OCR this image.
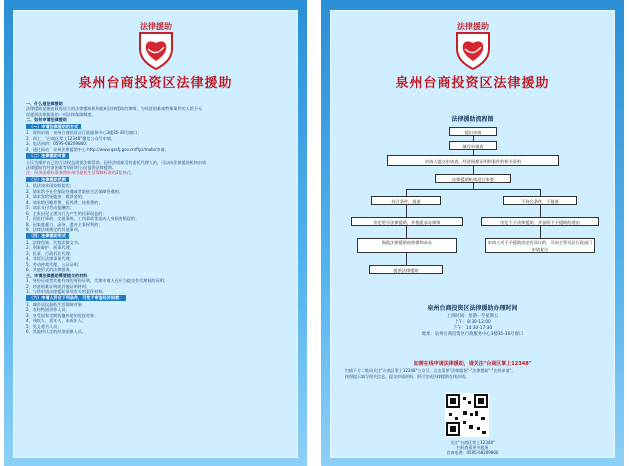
法律援助
泉州台商投资区法律援助

一、什么是法律援助

法律援助是指由政府设立的法律援助机构组织法律援助的律师，为经济困难或特殊案件的人给予无

偿提供法律服务的一项法律保障制度。

二、如何申请法律援助

（一）申请法律援助的方式

1、现场申请：泉州台商投资区行政服务中心3楼35-36号窗口；

2、网上："台商区掌上12348"微信公众号申请；

3、电话预约：0595-68209860；

4、通过网站：泉州法律援助中心 http://www.qzsfj.gov.cn/flyz/mobi/申请。

（二）法律援助对象

公民为维护自己的合法权益需要法律帮助，因经济困难没有委托代理人的，可以向法律援助机构申请

法律援助有经济困难等情形的公民提供法律援助。

注：经济困难标准参照泉州市最低生活保障标准的2倍执行。

（三）法律援助范围

1、依法请求国家赔偿的；

2、请求给予社会保险待遇或者最低生活保障待遇的；

3、请求发给抚恤金、救济金的；

4、请求给付赡养费、抚养费、扶养费的；

5、请求支付劳动报酬的；

6、主张因见义勇为行为产生的民事权益的；

7、因医疗事故、交通事故、工伤事故等造成人身损害赔偿的；

8、因家庭暴力、虐待、遗弃主张权利的；

9、法律法规规定的其他事项。

（四）法律援助形式

1、法律咨询、代拟法律文书；

2、刑事辩护、刑事代理；

3、民事、行政诉讼代理；

4、非诉讼法律事务代理；

5、劳动仲裁代理、公证证明；

6、其他形式的法律服务。

三、申请法律援助需要提交的材料

1、身份证或者其他有效的身份证明，代理申请人还应当提交有代理权的证明；

2、经济困难证明或其他证明材料；

3、与所申请法律援助事项有关的案件材料。

（六）申请人符合下列条件，可免于审查经济困难：

1、城乡居民最低生活保障对象；

2、农村特困供养人员；

3、享受国家定期抚恤补助的优抚对象；

4、残疾人、老年人、未成年人；

5、见义勇为人员；

6、其他经认定的经济困难人员。

法律援助
泉州台商投资区法律援助
法律援助流程图
提出申请
填写申请表
申请人提交申请表、经济困难证明和案件的相关资料
法律援助机构进行审查
符合条件，批准	不符合条件，不批准
决定给予法律援助，并指派承办律师	决定不予法律援助，并说明不予援助的理由
指派法律援助机构律师承办	申请人对不予援助决定有异议的，可向主管司法行政部门申请复议
提供法律援助
泉州台商投资区法律援助办理时间
上班时间：星期一至星期五
上午：8:30-12:00
下午：14:30-17:30
地址：泉州台商投资区行政服务中心3楼35-36号窗口
如需在线申请法律援助，请关注"台商区掌上12348"

扫描下方二维码关注"台商区掌上12348"公众号，点击菜单"法律服务"-"法律援助"-"在线申请"，

按照提示填写相关信息，提交申请材料，即可完成法律援助在线申请。

关注"台商区掌上12348"
扫码查看更多服务
咨询电理：0595-68209860
